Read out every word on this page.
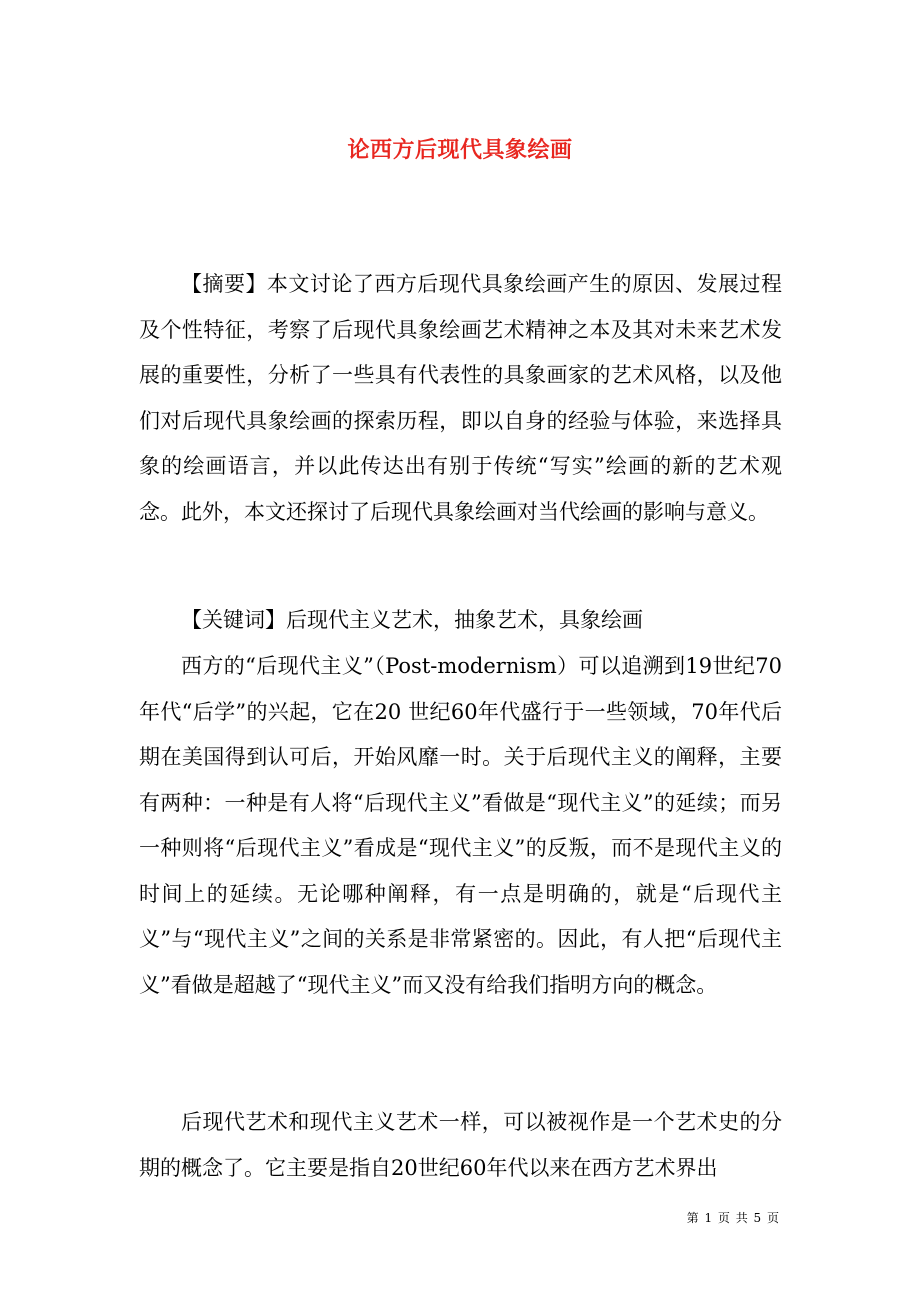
论西方后现代具象绘画

【摘要】本文讨论了西方后现代具象绘画产生的原因、发展过程及个性特征，考察了后现代具象绘画艺术精神之本及其对未来艺术发展的重要性，分析了一些具有代表性的具象画家的艺术风格，以及他们对后现代具象绘画的探索历程，即以自身的经验与体验，来选择具象的绘画语言，并以此传达出有别于传统“写实”绘画的新的艺术观念。此外，本文还探讨了后现代具象绘画对当代绘画的影响与意义。

【关键词】后现代主义艺术，抽象艺术，具象绘画

西方的“后现代主义”（Post-modernism）可以追溯到19世纪70年代“后学”的兴起，它在20 世纪60年代盛行于一些领域，70年代后期在美国得到认可后，开始风靡一时。关于后现代主义的阐释，主要有两种：一种是有人将“后现代主义”看做是“现代主义”的延续；而另一种则将“后现代主义”看成是“现代主义”的反叛，而不是现代主义的时间上的延续。无论哪种阐释，有一点是明确的，就是“后现代主义”与“现代主义”之间的关系是非常紧密的。因此，有人把“后现代主义”看做是超越了“现代主义”而又没有给我们指明方向的概念。

后现代艺术和现代主义艺术一样，可以被视作是一个艺术史的分期的概念了。它主要是指自20世纪60年代以来在西方艺术界出

第 1 页 共 5 页
